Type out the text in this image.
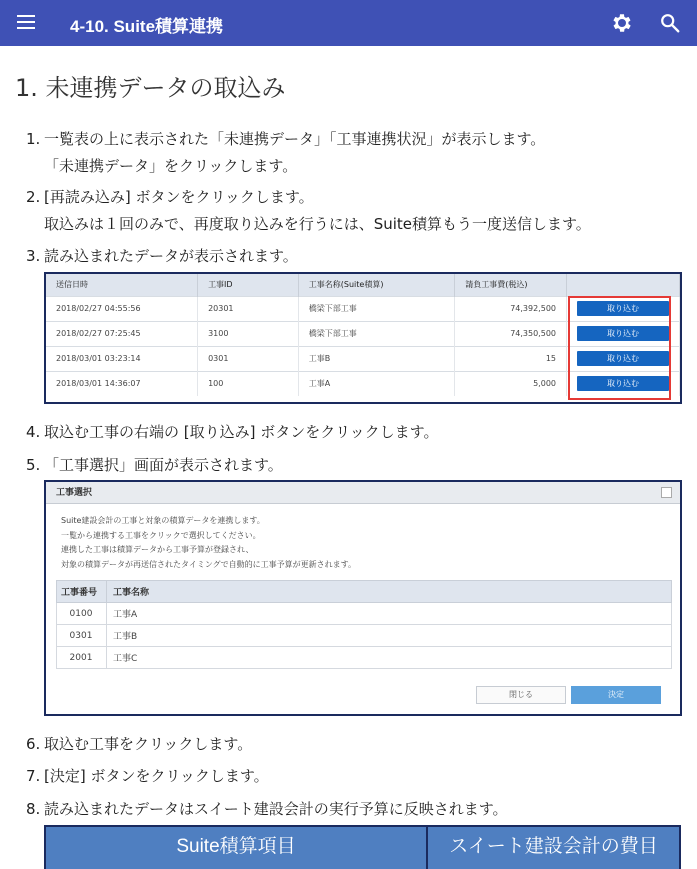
4-10. Suite積算連携
1. 未連携データの取込み
1. 一覧表の上に表示された「未連携データ」「工事連携状況」が表示します。
「未連携データ」をクリックします。
2. [再読み込み] ボタンをクリックします。
取込みは１回のみで、再度取り込みを行うには、Suite積算もう一度送信します。
3. 読み込まれたデータが表示されます。
送信日時	工事ID	工事名称(Suite積算)	請負工事費(税込)	
2018/02/27 04:55:56	20301	橋梁下部工事	74,392,500	取り込む
2018/02/27 07:25:45	3100	橋梁下部工事	74,350,500	取り込む
2018/03/01 03:23:14	0301	工事B	15	取り込む
2018/03/01 14:36:07	100	工事A	5,000	取り込む
4. 取込む工事の右端の [取り込み] ボタンをクリックします。
5. 「工事選択」画面が表示されます。
工事選択
Suite建設会計の工事と対象の積算データを連携します。
一覧から連携する工事をクリックで選択してください。
連携した工事は積算データから工事予算が登録され、
対象の積算データが再送信されたタイミングで自動的に工事予算が更新されます。
工事番号	工事名称
0100	工事A
0301	工事B
2001	工事C
閉じる	決定
6. 取込む工事をクリックします。
7. [決定] ボタンをクリックします。
8. 読み込まれたデータはスイート建設会計の実行予算に反映されます。
Suite積算項目	スイート建設会計の費目
